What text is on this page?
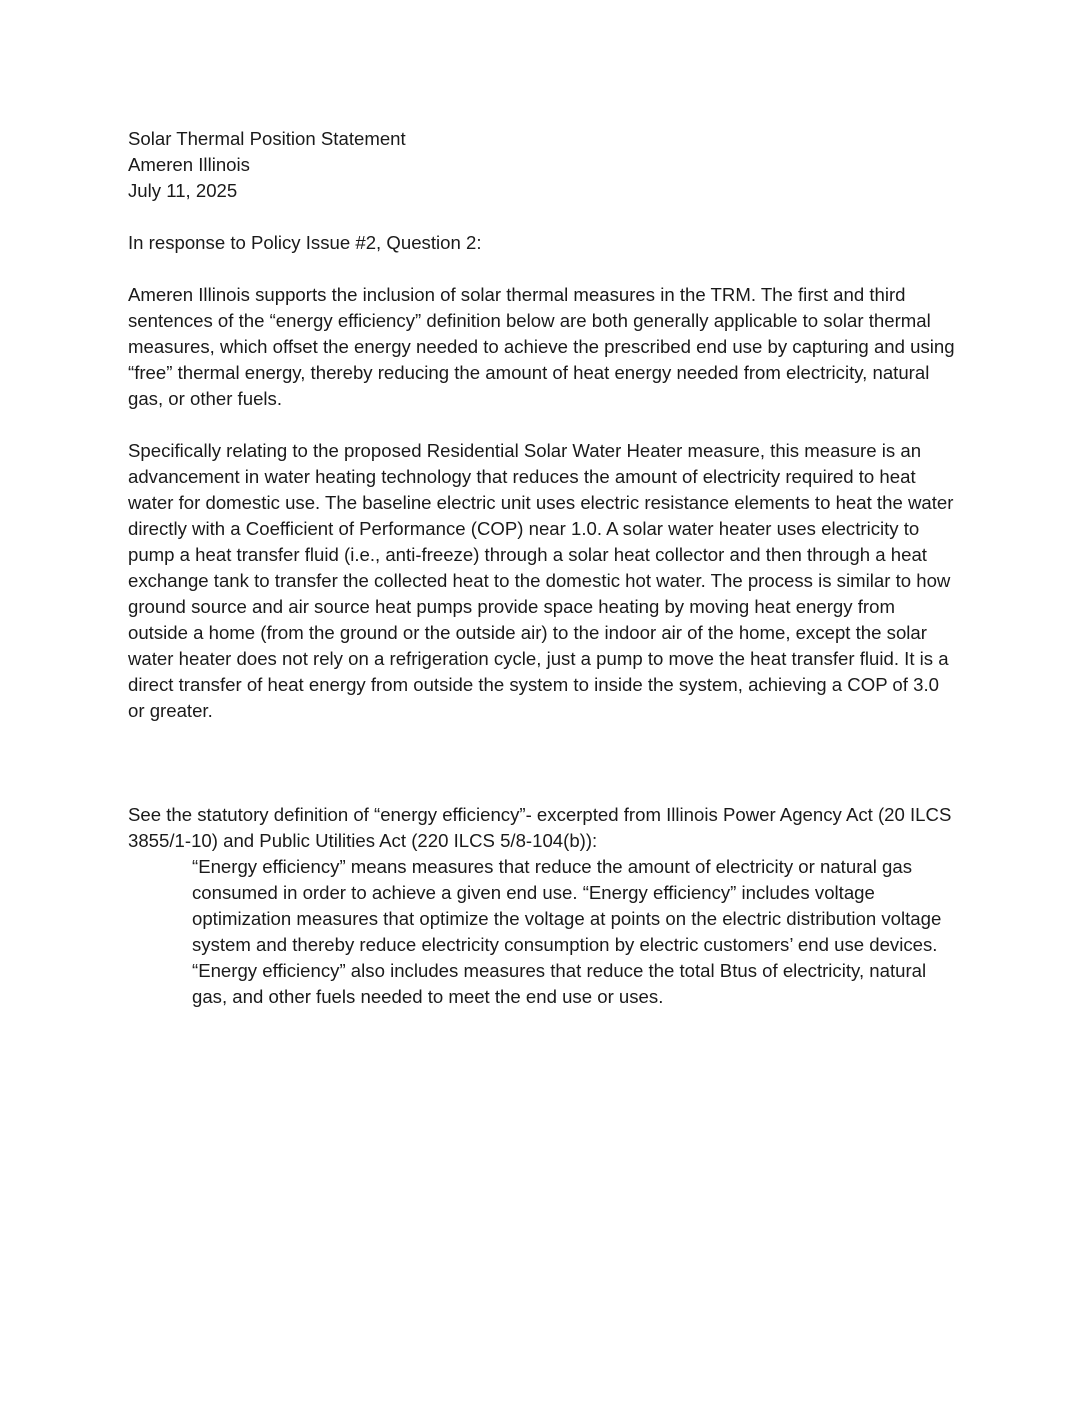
Solar Thermal Position Statement
Ameren Illinois
July 11, 2025

In response to Policy Issue #2, Question 2:

Ameren Illinois supports the inclusion of solar thermal measures in the TRM. The first and third sentences of the “energy efficiency” definition below are both generally applicable to solar thermal measures, which offset the energy needed to achieve the prescribed end use by capturing and using “free” thermal energy, thereby reducing the amount of heat energy needed from electricity, natural gas, or other fuels.

Specifically relating to the proposed Residential Solar Water Heater measure, this measure is an advancement in water heating technology that reduces the amount of electricity required to heat water for domestic use. The baseline electric unit uses electric resistance elements to heat the water directly with a Coefficient of Performance (COP) near 1.0. A solar water heater uses electricity to pump a heat transfer fluid (i.e., anti-freeze) through a solar heat collector and then through a heat exchange tank to transfer the collected heat to the domestic hot water. The process is similar to how ground source and air source heat pumps provide space heating by moving heat energy from outside a home (from the ground or the outside air) to the indoor air of the home, except the solar water heater does not rely on a refrigeration cycle, just a pump to move the heat transfer fluid. It is a direct transfer of heat energy from outside the system to inside the system, achieving a COP of 3.0 or greater.

See the statutory definition of “energy efficiency”- excerpted from Illinois Power Agency Act (20 ILCS 3855/1-10) and Public Utilities Act (220 ILCS 5/8-104(b)):

“Energy efficiency” means measures that reduce the amount of electricity or natural gas consumed in order to achieve a given end use. “Energy efficiency” includes voltage optimization measures that optimize the voltage at points on the electric distribution voltage system and thereby reduce electricity consumption by electric customers’ end use devices. “Energy efficiency” also includes measures that reduce the total Btus of electricity, natural gas, and other fuels needed to meet the end use or uses.
